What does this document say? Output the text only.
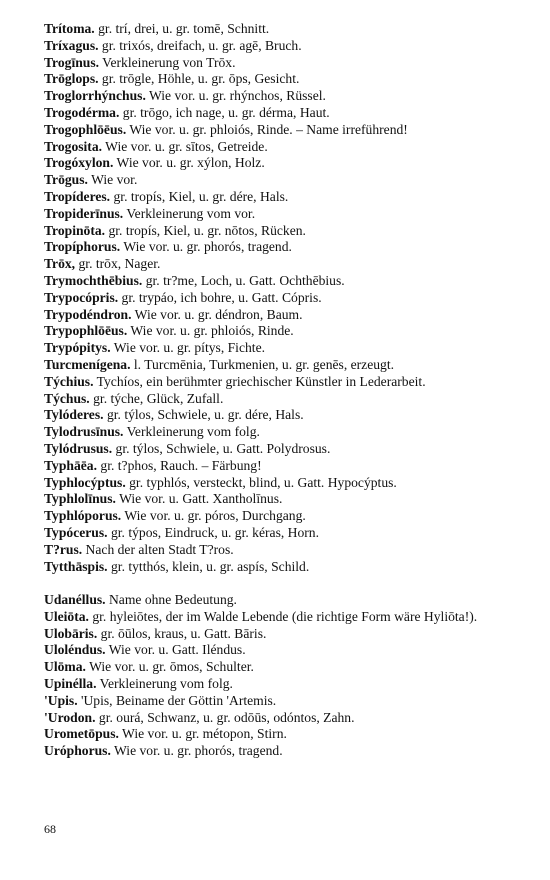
Trítoma. gr. trí, drei, u. gr. tomē, Schnitt.

Tríxagus. gr. trixós, dreifach, u. gr. agē, Bruch.

Trogīnus. Verkleinerung von Trōx.

Trōglops. gr. trōgle, Höhle, u. gr. ōps, Gesicht.

Troglorrhýnchus. Wie vor. u. gr. rhýnchos, Rüssel.

Trogodérma. gr. trōgo, ich nage, u. gr. dérma, Haut.

Trogophlōēus. Wie vor. u. gr. phloiós, Rinde. – Name irreführend!

Trogosita. Wie vor. u. gr. sītos, Getreide.

Trogóxylon. Wie vor. u. gr. xýlon, Holz.

Trōgus. Wie vor.

Tropíderes. gr. tropís, Kiel, u. gr. dére, Hals.

Tropiderīnus. Verkleinerung vom vor.

Tropinōta. gr. tropís, Kiel, u. gr. nōtos, Rücken.

Tropíphorus. Wie vor. u. gr. phorós, tragend.

Trōx, gr. trōx, Nager.

Trymochthēbius. gr. tr?me, Loch, u. Gatt. Ochthēbius.

Trypocópris. gr. trypáo, ich bohre, u. Gatt. Cópris.

Trypodéndron. Wie vor. u. gr. déndron, Baum.

Trypophlōēus. Wie vor. u. gr. phloiós, Rinde.

Trypópitys. Wie vor. u. gr. pítys, Fichte.

Turcmenígena. l. Turcmēnia, Turkmenien, u. gr. genēs, erzeugt.

Týchius. Tychíos, ein berühmter griechischer Künstler in Lederarbeit.

Týchus. gr. týche, Glück, Zufall.

Tylóderes. gr. týlos, Schwiele, u. gr. dére, Hals.

Tylodrusīnus. Verkleinerung vom folg.

Tylódrusus. gr. týlos, Schwiele, u. Gatt. Polydrosus.

Typhāēa. gr. t?phos, Rauch. – Färbung!

Typhlocýptus. gr. typhlós, versteckt, blind, u. Gatt. Hypocýptus.

Typhlolīnus. Wie vor. u. Gatt. Xantholīnus.

Typhlóporus. Wie vor. u. gr. póros, Durchgang.

Typócerus. gr. týpos, Eindruck, u. gr. kéras, Horn.

T?rus. Nach der alten Stadt T?ros.

Tytthāspis. gr. tytthós, klein, u. gr. aspís, Schild.

Udanéllus. Name ohne Bedeutung.

Uleiōta. gr. hyleiōtes, der im Walde Lebende (die richtige Form wäre Hyliōta!).

Ulobāris. gr. ōūlos, kraus, u. Gatt. Bāris.

Uloléndus. Wie vor. u. Gatt. Iléndus.

Ulōma. Wie vor. u. gr. ōmos, Schulter.

Upinélla. Verkleinerung vom folg.

'Upis. 'Upis, Beiname der Göttin 'Artemis.

'Urodon. gr. ourá, Schwanz, u. gr. odōūs, odóntos, Zahn.

Urometōpus. Wie vor. u. gr. métopon, Stirn.

Uróphorus. Wie vor. u. gr. phorós, tragend.

68
